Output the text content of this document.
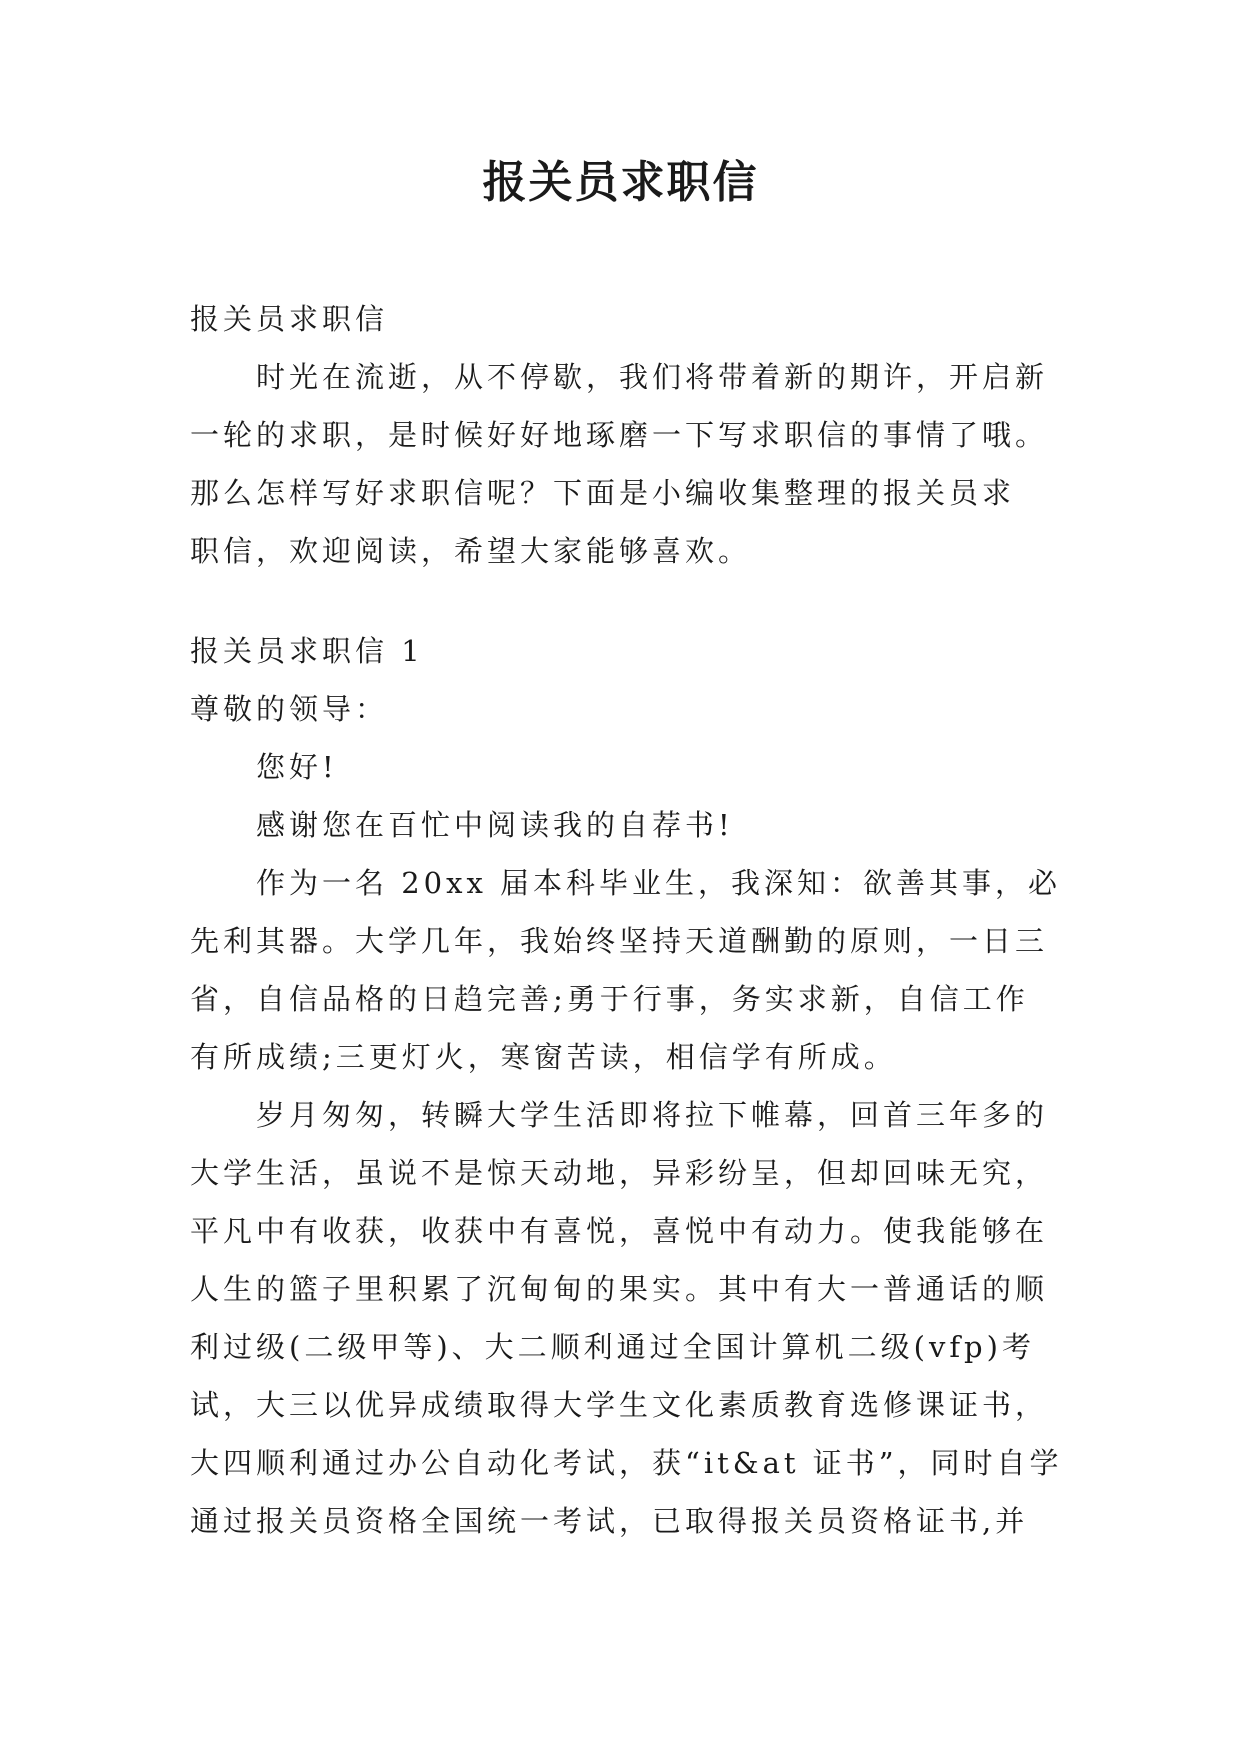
报关员求职信
报关员求职信
时光在流逝，从不停歇，我们将带着新的期许，开启新
一轮的求职，是时候好好地琢磨一下写求职信的事情了哦。
那么怎样写好求职信呢？下面是小编收集整理的报关员求
职信，欢迎阅读，希望大家能够喜欢。
报关员求职信 1
尊敬的领导：
您好!
感谢您在百忙中阅读我的自荐书!
作为一名 20xx 届本科毕业生，我深知：欲善其事，必
先利其器。大学几年，我始终坚持天道酬勤的原则，一日三
省，自信品格的日趋完善;勇于行事，务实求新，自信工作
有所成绩;三更灯火，寒窗苦读，相信学有所成。
岁月匆匆，转瞬大学生活即将拉下帷幕，回首三年多的
大学生活，虽说不是惊天动地，异彩纷呈，但却回味无究，
平凡中有收获，收获中有喜悦，喜悦中有动力。使我能够在
人生的篮子里积累了沉甸甸的果实。其中有大一普通话的顺
利过级(二级甲等)、大二顺利通过全国计算机二级(vfp)考
试，大三以优异成绩取得大学生文化素质教育选修课证书，
大四顺利通过办公自动化考试，获“it&at 证书”，同时自学
通过报关员资格全国统一考试，已取得报关员资格证书,并
